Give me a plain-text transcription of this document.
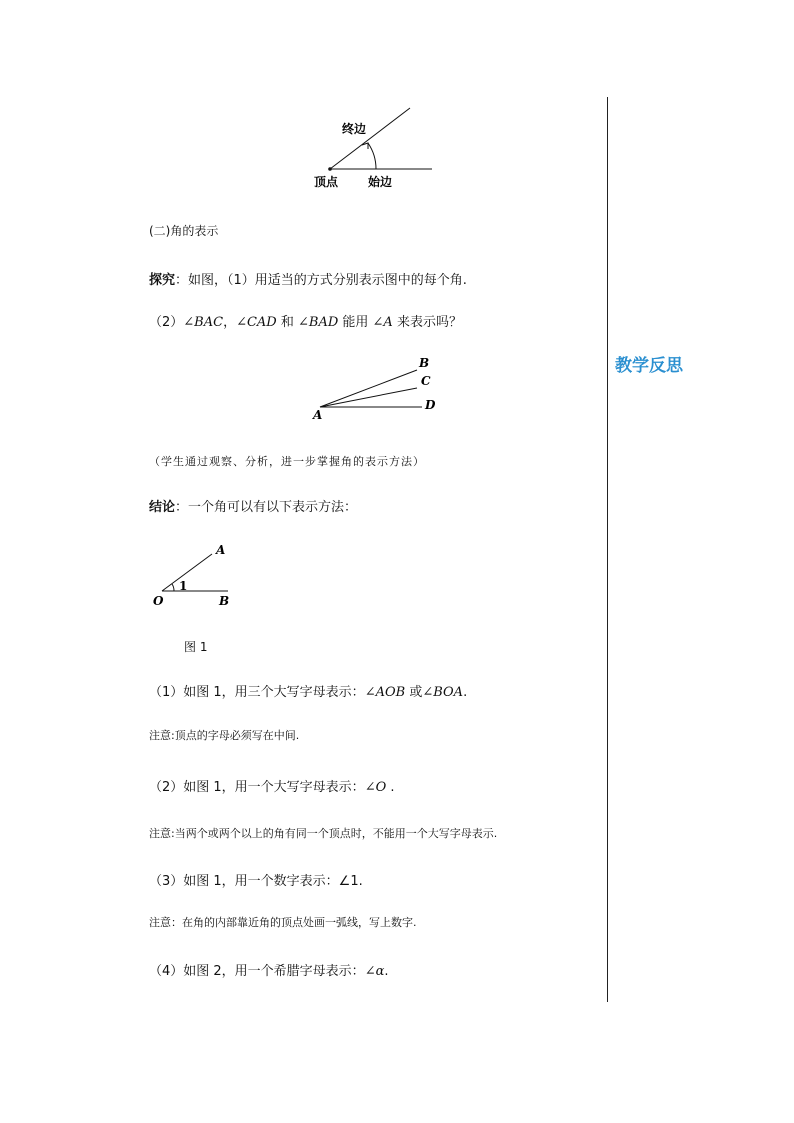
教学反思
终边
顶点 始边
(二)角的表示
探究：如图，（1）用适当的方式分别表示图中的每个角.
（2）∠BAC，∠CAD 和 ∠BAD 能用 ∠A 来表示吗？
A
B
C
D
（学生通过观察、分析，进一步掌握角的表示方法）
结论：一个角可以有以下表示方法：
A
O	B
1
图 1
（1）如图 1，用三个大写字母表示：∠AOB 或∠BOA.
注意:顶点的字母必须写在中间.
（2）如图 1，用一个大写字母表示：∠O .
注意:当两个或两个以上的角有同一个顶点时，不能用一个大写字母表示.
（3）如图 1，用一个数字表示：∠1.
注意：在角的内部靠近角的顶点处画一弧线，写上数字.
（4）如图 2，用一个希腊字母表示：∠α.
